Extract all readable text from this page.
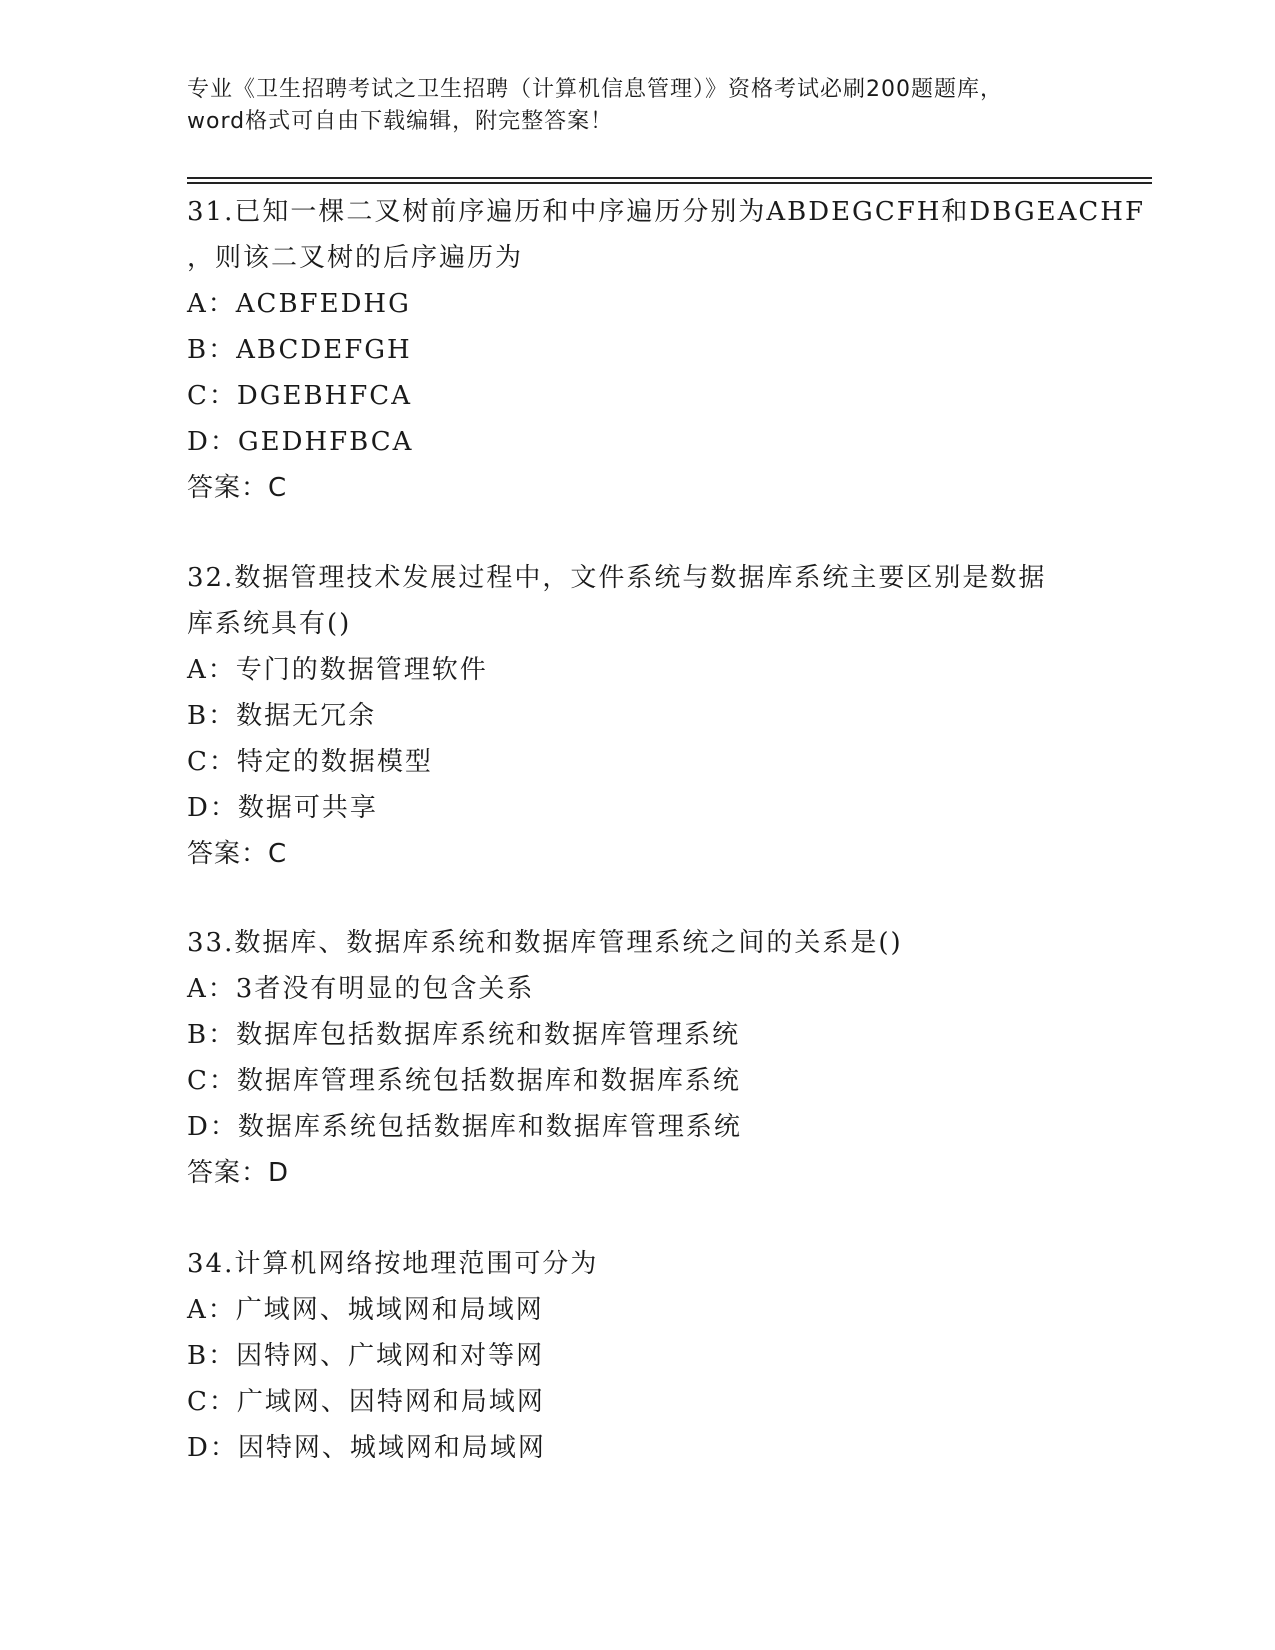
专业《卫生招聘考试之卫生招聘（计算机信息管理）》资格考试必刷200题题库，
word格式可自由下载编辑，附完整答案！
31.已知一棵二叉树前序遍历和中序遍历分别为ABDEGCFH和DBGEACHF
，则该二叉树的后序遍历为
A：ACBFEDHG
B：ABCDEFGH
C：DGEBHFCA
D：GEDHFBCA
答案：C
32.数据管理技术发展过程中，文件系统与数据库系统主要区别是数据
库系统具有()
A：专门的数据管理软件
B：数据无冗余
C：特定的数据模型
D：数据可共享
答案：C
33.数据库、数据库系统和数据库管理系统之间的关系是()
A：3者没有明显的包含关系
B：数据库包括数据库系统和数据库管理系统
C：数据库管理系统包括数据库和数据库系统
D：数据库系统包括数据库和数据库管理系统
答案：D
34.计算机网络按地理范围可分为
A：广域网、城域网和局域网
B：因特网、广域网和对等网
C：广域网、因特网和局域网
D：因特网、城域网和局域网
